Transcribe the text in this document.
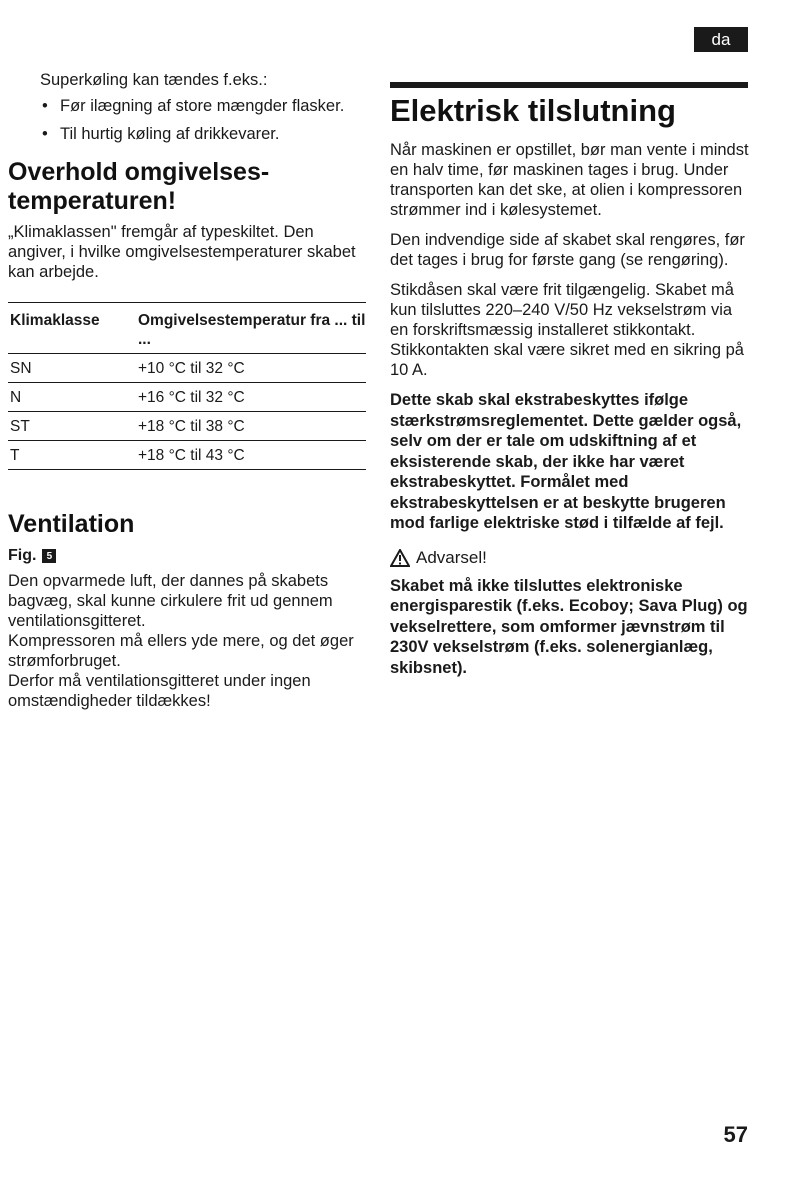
da

Superkøling kan tændes f.eks.:

• Før ilægning af store mængder flasker.
• Til hurtig køling af drikkevarer.
Overhold omgivelses-
temperaturen!

„Klimaklassen" fremgår af typeskiltet. Den angiver, i hvilke omgivelsestemperaturer skabet kan arbejde.

Klimaklasse	Omgivelsestemperatur fra ... til ...
SN	+10 °C til 32 °C
N	+16 °C til 32 °C
ST	+18 °C til 38 °C
T	+18 °C til 43 °C
Ventilation
Fig.	5

Den opvarmede luft, der dannes på skabets bagvæg, skal kunne cirkulere frit ud gennem ventilationsgitteret.

Kompressoren må ellers yde mere, og det øger strømforbruget.

Derfor må ventilationsgitteret under ingen omstændigheder tildækkes!

Elektrisk tilslutning

Når maskinen er opstillet, bør man vente i mindst en halv time, før maskinen tages i brug. Under transporten kan det ske, at olien i kompressoren strømmer ind i kølesystemet.

Den indvendige side af skabet skal rengøres, før det tages i brug for første gang (se rengøring).

Stikdåsen skal være frit tilgængelig. Skabet må kun tilsluttes 220–240 V/50 Hz vekselstrøm via en forskriftsmæssig installeret stikkontakt. Stikkontakten skal være sikret med en sikring på 10 A.

Dette skab skal ekstrabeskyttes ifølge stærkstrømsreglementet. Dette gælder også, selv om der er tale om udskiftning af et eksisterende skab, der ikke har været ekstrabeskyttet. Formålet med ekstrabeskyttelsen er at beskytte brugeren mod farlige elektriske stød i tilfælde af fejl.

Advarsel!

Skabet må ikke tilsluttes elektroniske energisparestik (f.eks. Ecoboy; Sava Plug) og vekselrettere, som omformer jævnstrøm til 230V vekselstrøm (f.eks. solenergianlæg, skibsnet).

57
